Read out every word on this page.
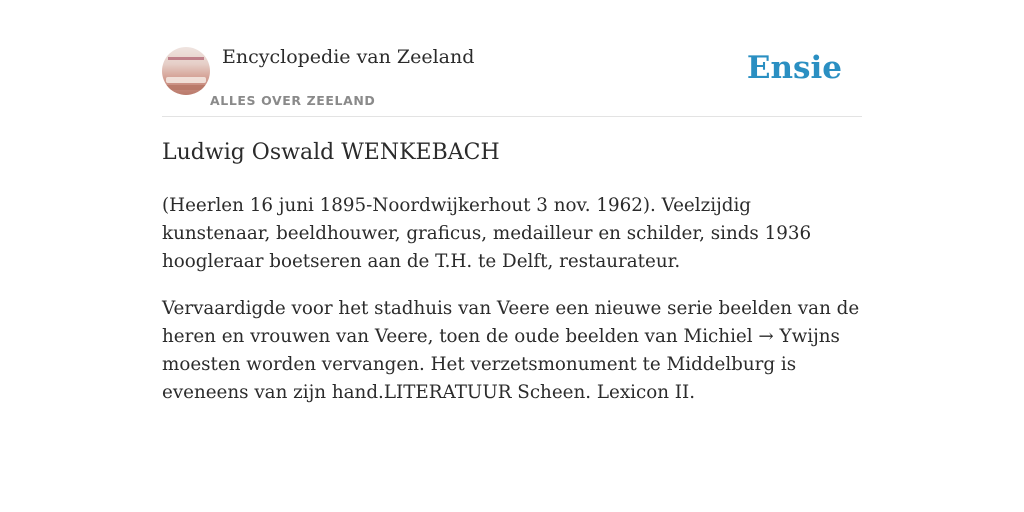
Encyclopedie van Zeeland
ALLES OVER ZEELAND
Ensie
Ludwig Oswald WENKEBACH

(Heerlen 16 juni 1895-Noordwijkerhout 3 nov. 1962). Veelzijdig kunstenaar, beeldhouwer, graficus, medailleur en schilder, sinds 1936 hoogleraar boetseren aan de T.H. te Delft, restaurateur.

Vervaardigde voor het stadhuis van Veere een nieuwe serie beelden van de heren en vrouwen van Veere, toen de oude beelden van Michiel → Ywijns moesten worden vervangen. Het verzetsmonument te Middelburg is eveneens van zijn hand.LITERATUUR Scheen. Lexicon II.
